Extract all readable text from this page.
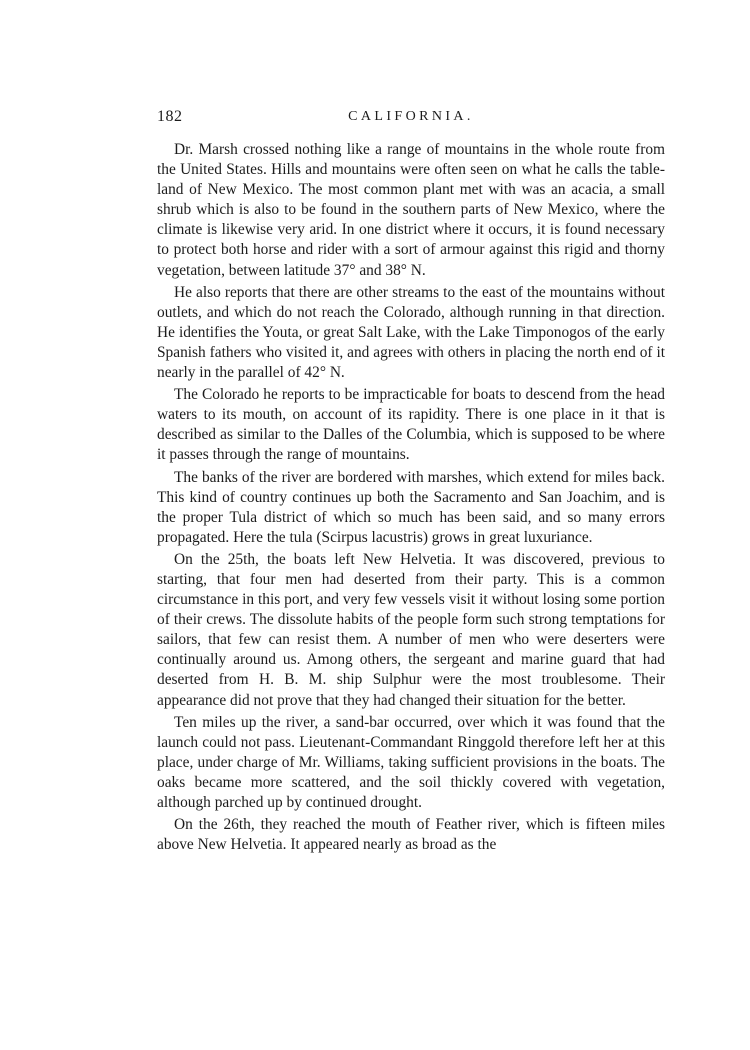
182	CALIFORNIA.

Dr. Marsh crossed nothing like a range of mountains in the whole route from the United States. Hills and mountains were often seen on what he calls the table-land of New Mexico. The most common plant met with was an acacia, a small shrub which is also to be found in the southern parts of New Mexico, where the climate is likewise very arid. In one district where it occurs, it is found necessary to protect both horse and rider with a sort of armour against this rigid and thorny vegetation, between latitude 37° and 38° N.

He also reports that there are other streams to the east of the mountains without outlets, and which do not reach the Colorado, although running in that direction. He identifies the Youta, or great Salt Lake, with the Lake Timponogos of the early Spanish fathers who visited it, and agrees with others in placing the north end of it nearly in the parallel of 42° N.

The Colorado he reports to be impracticable for boats to descend from the head waters to its mouth, on account of its rapidity. There is one place in it that is described as similar to the Dalles of the Columbia, which is supposed to be where it passes through the range of mountains.

The banks of the river are bordered with marshes, which extend for miles back. This kind of country continues up both the Sacramento and San Joachim, and is the proper Tula district of which so much has been said, and so many errors propagated. Here the tula (Scirpus lacustris) grows in great luxuriance.

On the 25th, the boats left New Helvetia. It was discovered, previous to starting, that four men had deserted from their party. This is a common circumstance in this port, and very few vessels visit it without losing some portion of their crews. The dissolute habits of the people form such strong temptations for sailors, that few can resist them. A number of men who were deserters were continually around us. Among others, the sergeant and marine guard that had deserted from H. B. M. ship Sulphur were the most troublesome. Their appearance did not prove that they had changed their situation for the better.

Ten miles up the river, a sand-bar occurred, over which it was found that the launch could not pass. Lieutenant-Commandant Ringgold therefore left her at this place, under charge of Mr. Williams, taking sufficient provisions in the boats. The oaks became more scattered, and the soil thickly covered with vegetation, although parched up by continued drought.

On the 26th, they reached the mouth of Feather river, which is fifteen miles above New Helvetia. It appeared nearly as broad as the
